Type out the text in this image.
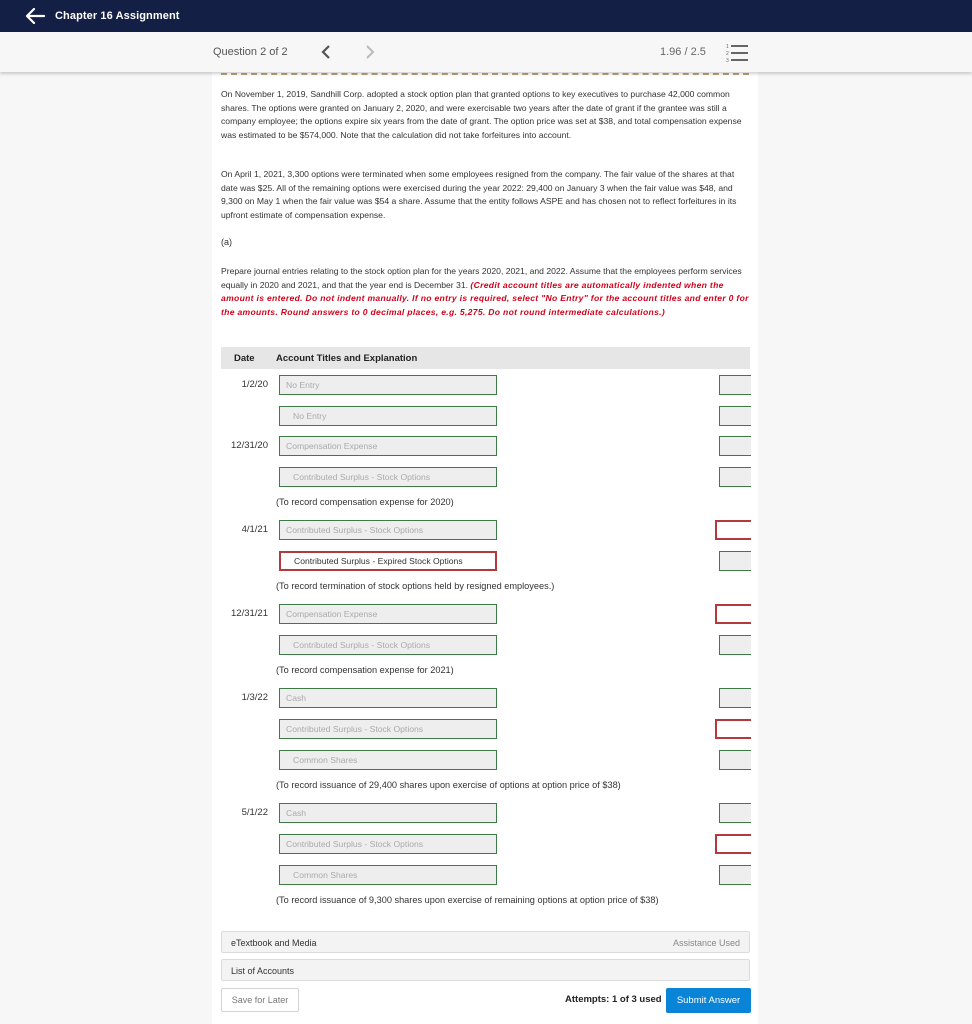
Chapter 16 Assignment
Question 2 of 2	1.96 / 2.5	1
2
3

On November 1, 2019, Sandhill Corp. adopted a stock option plan that granted options to key executives to purchase 42,000 common shares. The options were granted on January 2, 2020, and were exercisable two years after the date of grant if the grantee was still a company employee; the options expire six years from the date of grant. The option price was set at $38, and total compensation expense was estimated to be $574,000. Note that the calculation did not take forfeitures into account.

On April 1, 2021, 3,300 options were terminated when some employees resigned from the company. The fair value of the shares at that date was $25. All of the remaining options were exercised during the year 2022: 29,400 on January 3 when the fair value was $48, and 9,300 on May 1 when the fair value was $54 a share. Assume that the entity follows ASPE and has chosen not to reflect forfeitures in its upfront estimate of compensation expense.

(a)

Prepare journal entries relating to the stock option plan for the years 2020, 2021, and 2022. Assume that the employees perform services equally in 2020 and 2021, and that the year end is December 31. (Credit account titles are automatically indented when the amount is entered. Do not indent manually. If no entry is required, select "No Entry" for the account titles and enter 0 for the amounts. Round answers to 0 decimal places, e.g. 5,275. Do not round intermediate calculations.)

Date Account Titles and Explanation
1/2/20	No Entry
No Entry
12/31/20	Compensation Expense
Contributed Surplus - Stock Options
(To record compensation expense for 2020)
4/1/21	Contributed Surplus - Stock Options
Contributed Surplus - Expired Stock Options
(To record termination of stock options held by resigned employees.)
12/31/21	Compensation Expense
Contributed Surplus - Stock Options
(To record compensation expense for 2021)
1/3/22	Cash
Contributed Surplus - Stock Options
Common Shares
(To record issuance of 29,400 shares upon exercise of options at option price of $38)
5/1/22	Cash
Contributed Surplus - Stock Options
Common Shares
(To record issuance of 9,300 shares upon exercise of remaining options at option price of $38)
eTextbook and Media	Assistance Used
List of Accounts
Save for Later	Attempts: 1 of 3 used	Submit Answer
